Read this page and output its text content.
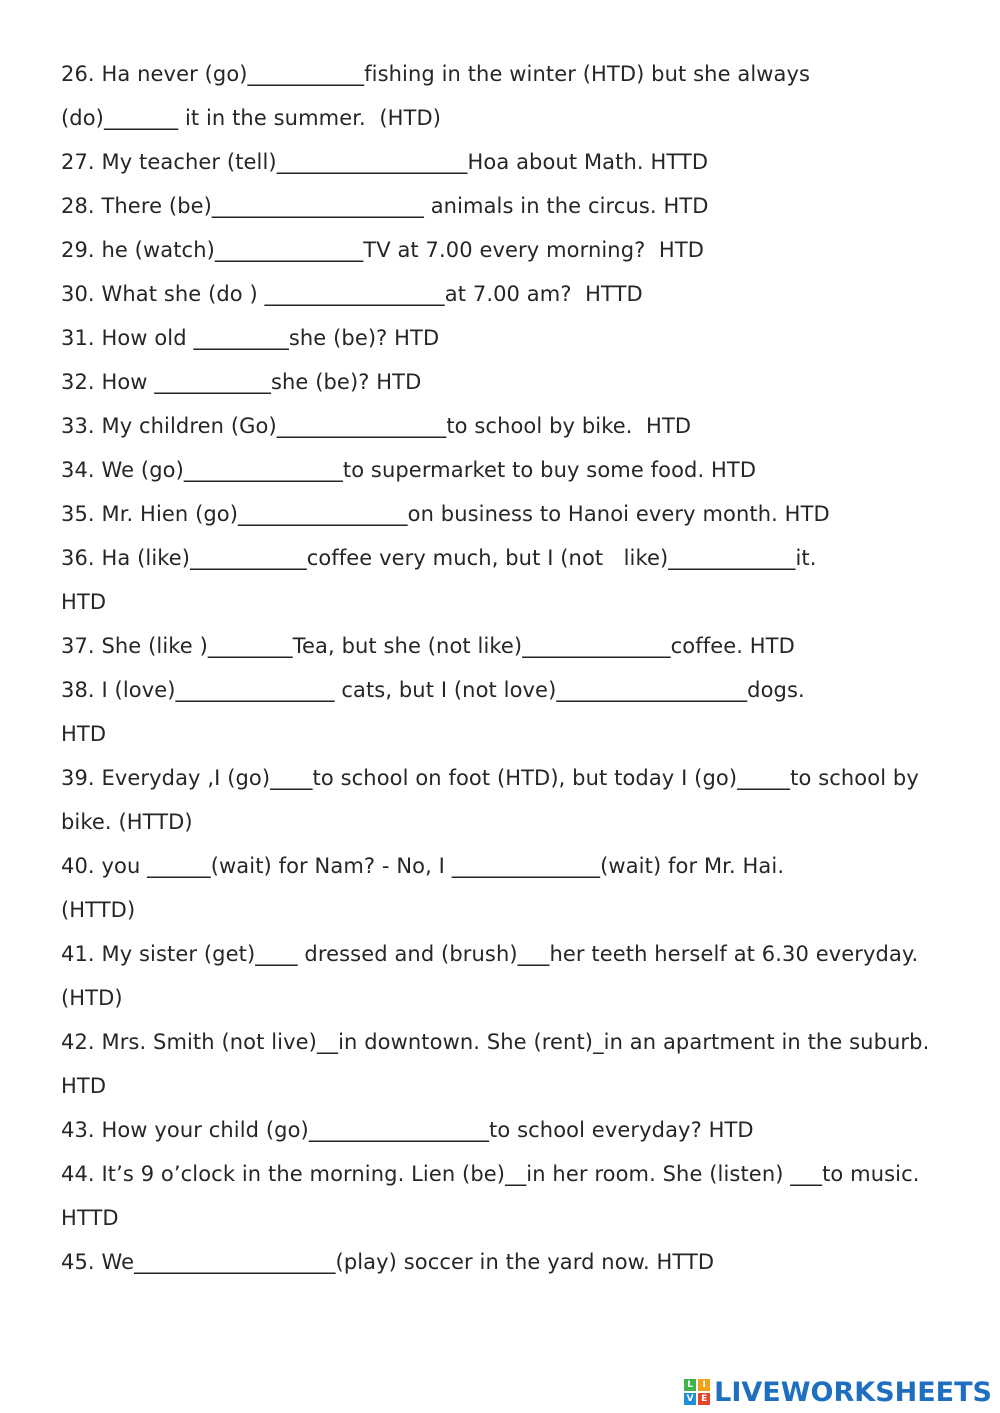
26. Ha never (go)___________fishing in the winter (HTD) but she always
(do)_______ it in the summer.  (HTD)
27. My teacher (tell)__________________Hoa about Math. HTTD
28. There (be)____________________ animals in the circus. HTD
29. he (watch)______________TV at 7.00 every morning?  HTD
30. What she (do ) _________________at 7.00 am?  HTTD
31. How old _________she (be)? HTD
32. How ___________she (be)? HTD
33. My children (Go)________________to school by bike.  HTD
34. We (go)_______________to supermarket to buy some food. HTD
35. Mr. Hien (go)________________on business to Hanoi every month. HTD
36. Ha (like)___________coffee very much, but I (not   like)____________it.
HTD
37. She (like )________Tea, but she (not like)______________coffee. HTD
38. I (love)_______________ cats, but I (not love)__________________dogs.
HTD
39. Everyday ,I (go)____to school on foot (HTD), but today I (go)_____to school by
bike. (HTTD)
40. you ______(wait) for Nam? - No, I ______________(wait) for Mr. Hai.
(HTTD)
41. My sister (get)____ dressed and (brush)___her teeth herself at 6.30 everyday.
(HTD)
42. Mrs. Smith (not live)__in downtown. She (rent)_in an apartment in the suburb.
HTD
43. How your child (go)_________________to school everyday? HTD
44. It’s 9 o’clock in the morning. Lien (be)__in her room. She (listen) ___to music.
HTTD
45. We___________________(play) soccer in the yard now. HTTD
L	I
V E LIVEWORKSHEETS
